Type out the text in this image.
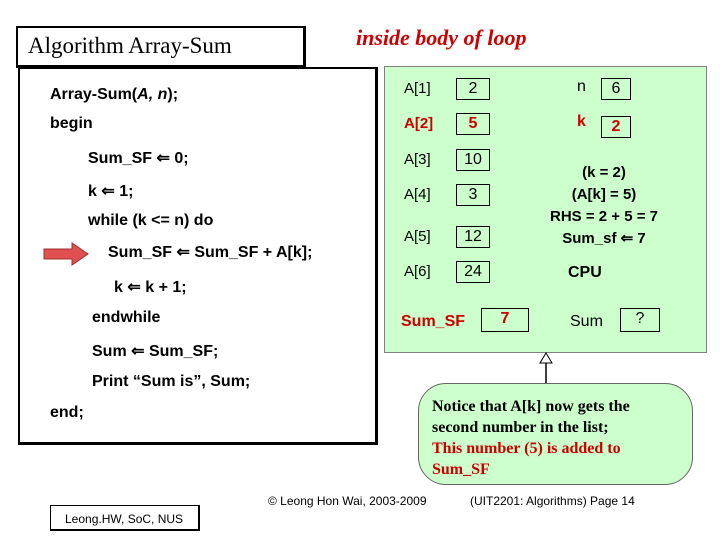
Algorithm Array-Sum	inside body of loop
Array-Sum(A, n);
begin
Sum_SF ⇐ 0;
k ⇐ 1;
while (k <= n) do
Sum_SF ⇐ Sum_SF + A[k];
k ⇐ k + 1;
endwhile
Sum ⇐ Sum_SF;
Print “Sum is”, Sum;
end;
A[1]	2
A[2]	5
A[3]	10
A[4]	3
A[5]	12
A[6]	24
n	6
k	2
(k = 2)
(A[k] = 5)
RHS = 2 + 5 = 7
Sum_sf ⇐ 7
CPU
Sum_SF	7	Sum	?
Notice that A[k] now gets the
second number in the list;
This number (5) is added to
Sum_SF
Leong.HW, SoC, NUS
© Leong Hon Wai, 2003-2009	(UIT2201: Algorithms) Page 14
